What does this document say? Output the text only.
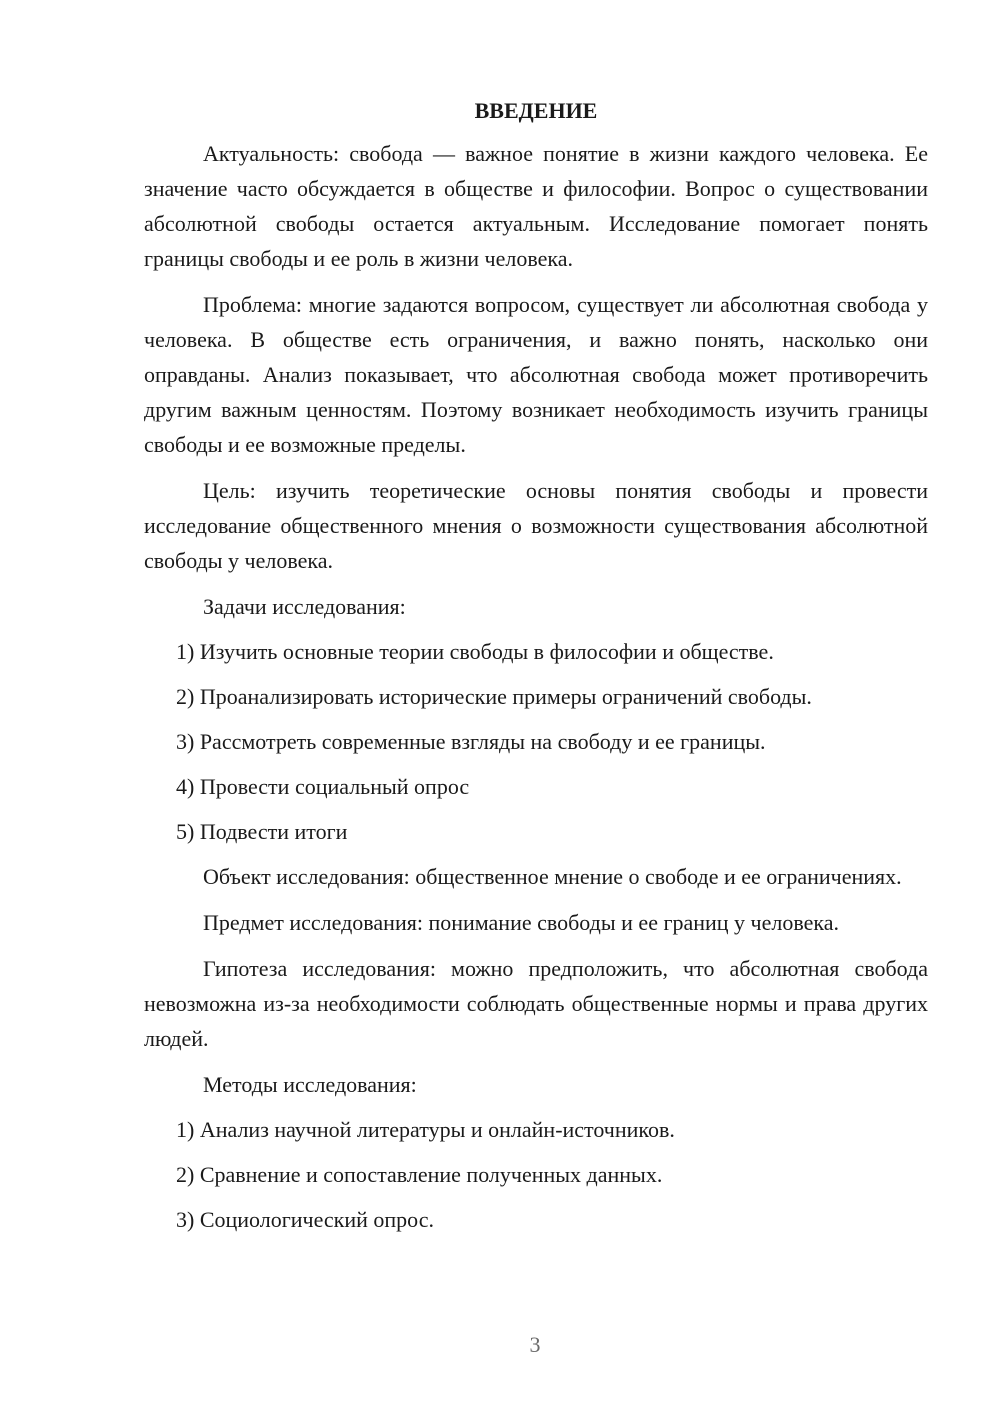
ВВЕДЕНИЕ

Актуальность: свобода — важное понятие в жизни каждого человека. Ее значение часто обсуждается в обществе и философии. Вопрос о существовании абсолютной свободы остается актуальным. Исследование помогает понять границы свободы и ее роль в жизни человека.

Проблема: многие задаются вопросом, существует ли абсолютная свобода у человека. В обществе есть ограничения, и важно понять, насколько они оправданы. Анализ показывает, что абсолютная свобода может противоречить другим важным ценностям. Поэтому возникает необходимость изучить границы свободы и ее возможные пределы.

Цель: изучить теоретические основы понятия свободы и провести исследование общественного мнения о возможности существования абсолютной свободы у человека.

Задачи исследования:

1) Изучить основные теории свободы в философии и обществе.
2) Проанализировать исторические примеры ограничений свободы.
3) Рассмотреть современные взгляды на свободу и ее границы.
4) Провести социальный опрос
5) Подвести итоги

Объект исследования: общественное мнение о свободе и ее ограничениях.

Предмет исследования: понимание свободы и ее границ у человека.

Гипотеза исследования: можно предположить, что абсолютная свобода невозможна из-за необходимости соблюдать общественные нормы и права других людей.

Методы исследования:

1) Анализ научной литературы и онлайн-источников.
2) Сравнение и сопоставление полученных данных.
3) Социологический опрос.
3
